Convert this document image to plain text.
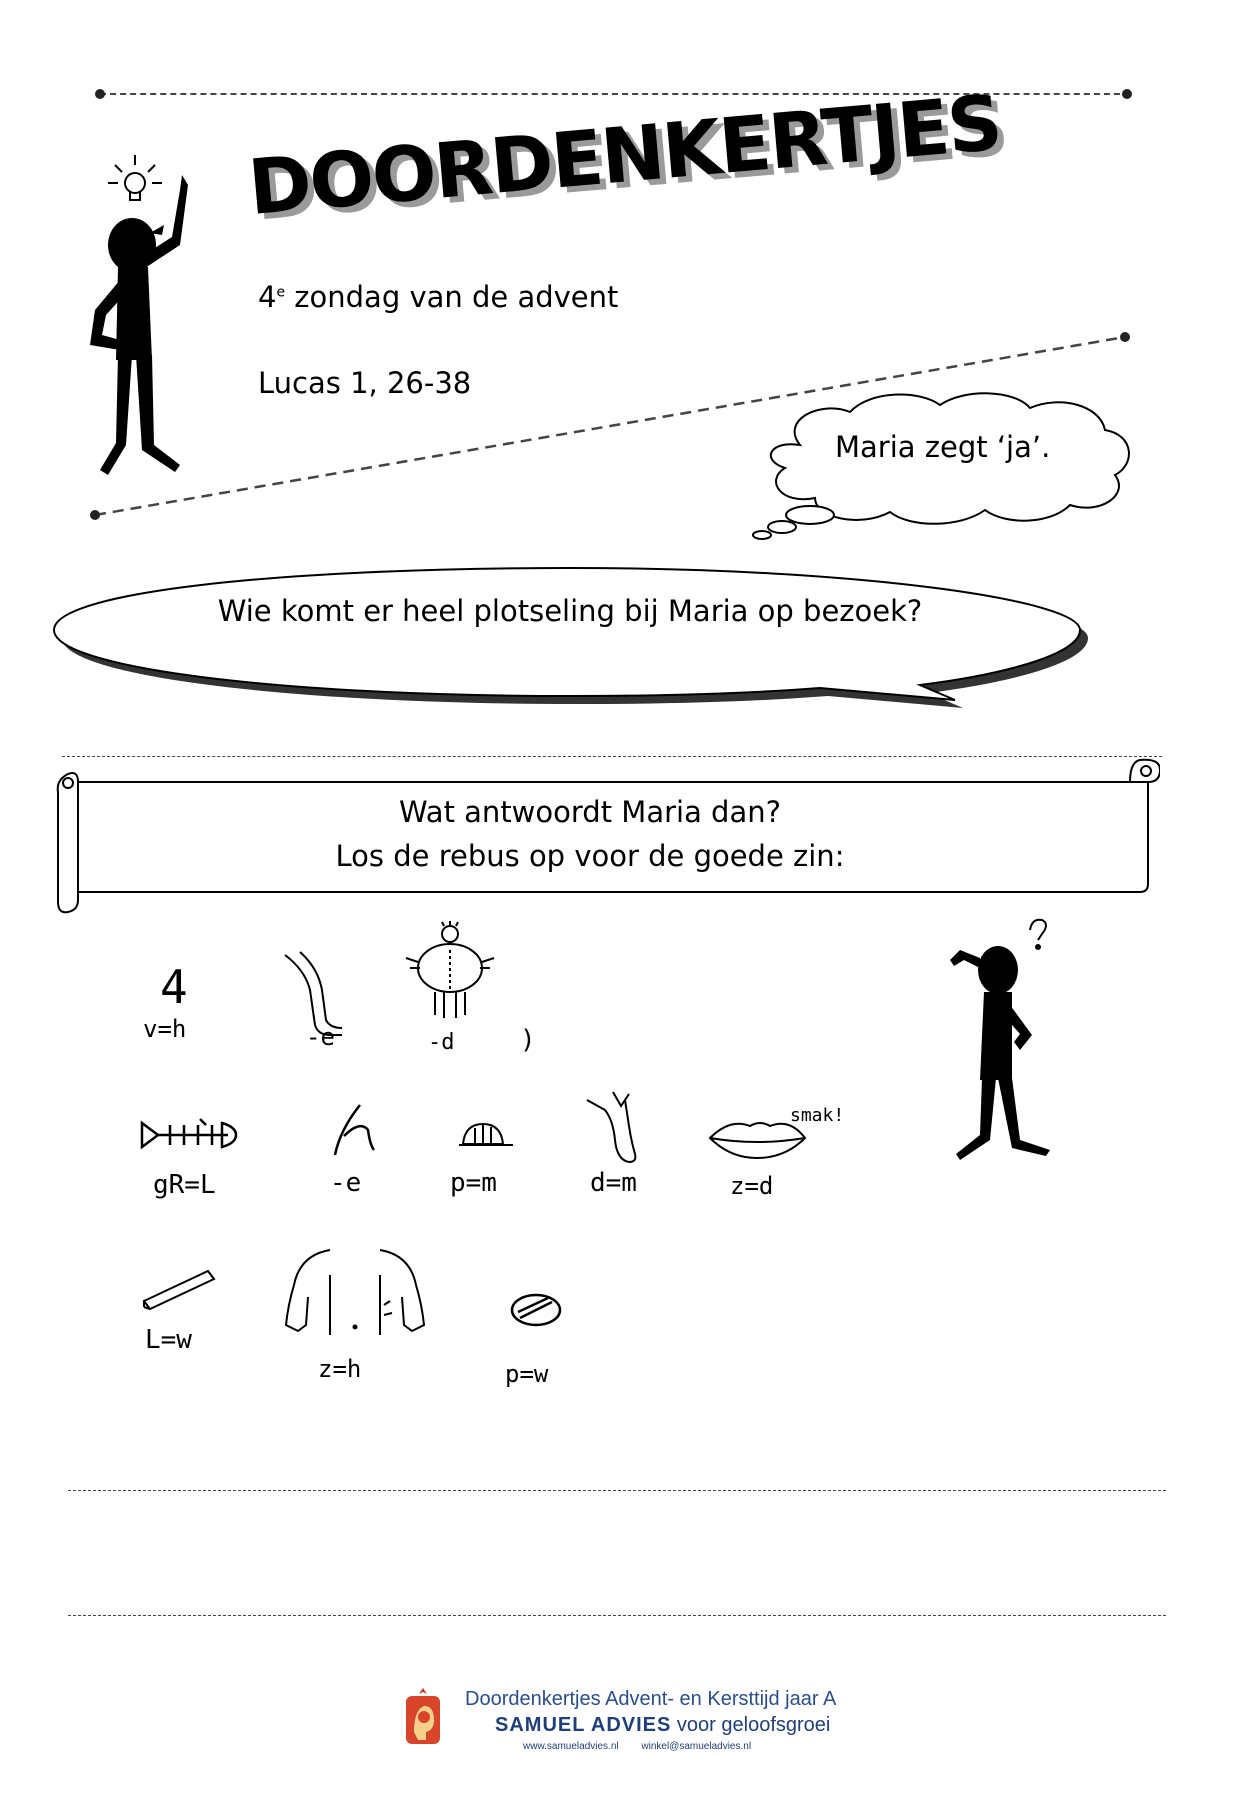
DOORDENKERTJES
4e zondag van de advent
Lucas 1, 26-38
Maria zegt ‘ja’.
Wie komt er heel plotseling bij Maria op bezoek?
Wat antwoordt Maria dan?
Los de rebus op voor de goede zin:
4
v=h	-e	-d	)
gR=L	-e	p=m	d=m
smak!
z=d
L=w
z=h	p=w
Doordenkertjes Advent- en Kersttijd jaar A
SAMUEL ADVIES voor geloofsgroei
www.samueladvies.nl winkel@samueladvies.nl
